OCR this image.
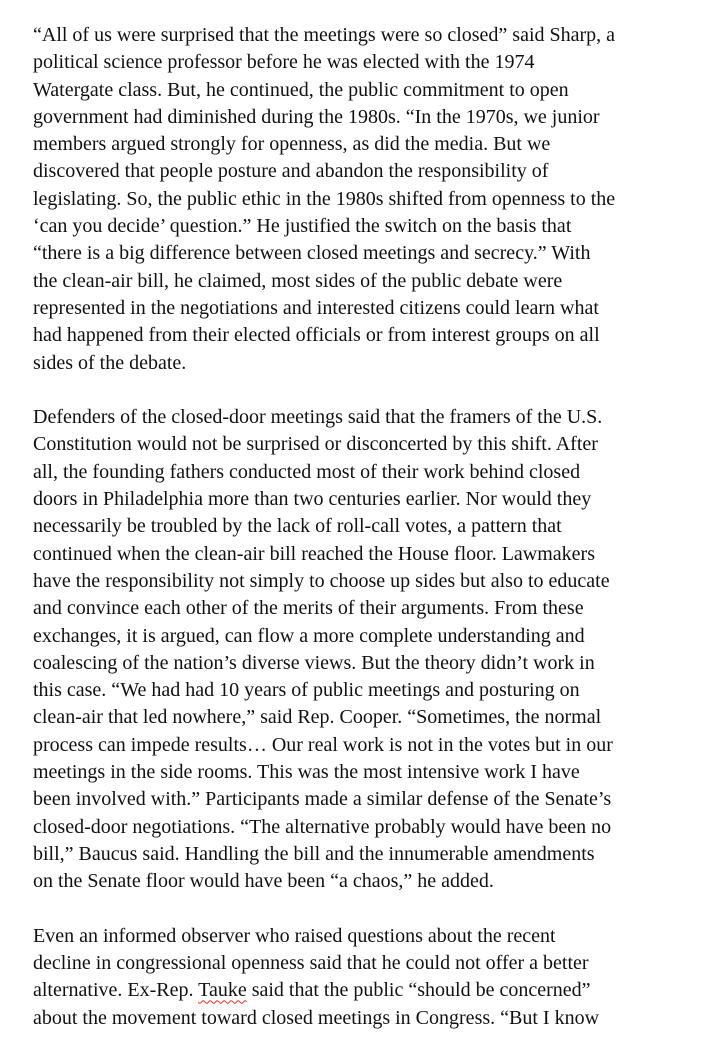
“All of us were surprised that the meetings were so closed” said Sharp, a
political science professor before he was elected with the 1974
Watergate class. But, he continued, the public commitment to open
government had diminished during the 1980s. “In the 1970s, we junior
members argued strongly for openness, as did the media. But we
discovered that people posture and abandon the responsibility of
legislating. So, the public ethic in the 1980s shifted from openness to the
‘can you decide’ question.” He justified the switch on the basis that
“there is a big difference between closed meetings and secrecy.” With
the clean-air bill, he claimed, most sides of the public debate were
represented in the negotiations and interested citizens could learn what
had happened from their elected officials or from interest groups on all
sides of the debate.

Defenders of the closed-door meetings said that the framers of the U.S.
Constitution would not be surprised or disconcerted by this shift. After
all, the founding fathers conducted most of their work behind closed
doors in Philadelphia more than two centuries earlier. Nor would they
necessarily be troubled by the lack of roll-call votes, a pattern that
continued when the clean-air bill reached the House floor. Lawmakers
have the responsibility not simply to choose up sides but also to educate
and convince each other of the merits of their arguments. From these
exchanges, it is argued, can flow a more complete understanding and
coalescing of the nation’s diverse views. But the theory didn’t work in
this case. “We had had 10 years of public meetings and posturing on
clean-air that led nowhere,” said Rep. Cooper. “Sometimes, the normal
process can impede results… Our real work is not in the votes but in our
meetings in the side rooms. This was the most intensive work I have
been involved with.” Participants made a similar defense of the Senate’s
closed-door negotiations. “The alternative probably would have been no
bill,” Baucus said. Handling the bill and the innumerable amendments
on the Senate floor would have been “a chaos,” he added.

Even an informed observer who raised questions about the recent
decline in congressional openness said that he could not offer a better
alternative. Ex-Rep. Tauke said that the public “should be concerned”
about the movement toward closed meetings in Congress. “But I know
